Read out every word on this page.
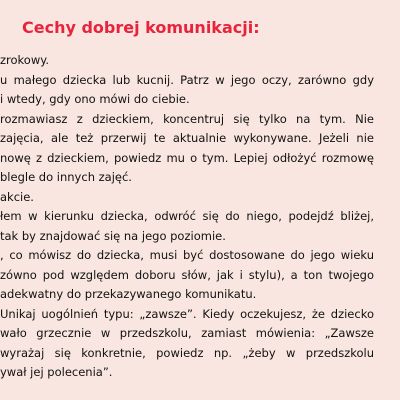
Cechy dobrej komunikacji:
zrokowy.
u małego dziecka lub kucnij. Patrz w jego oczy, zarówno gdy
i wtedy, gdy ono mówi do ciebie.
rozmawiasz z dzieckiem, koncentruj się tylko na tym. Nie
zajęcia, ale też przerwij te aktualnie wykonywane. Jeżeli nie
nowę z dzieckiem, powiedz mu o tym. Lepiej odłożyć rozmowę
blegle do innych zajęć.
akcie.
łem w kierunku dziecka, odwróć się do niego, podejdź bliżej,
tak by znajdować się na jego poziomie.
, co mówisz do dziecka, musi być dostosowane do jego wieku
zówno pod względem doboru słów, jak i stylu), a ton twojego
adekwatny do przekazywanego komunikatu.
Unikaj uogólnień typu: „zawsze”. Kiedy oczekujesz, że dziecko
wało grzecznie w przedszkolu, zamiast mówienia: „Zawsze
wyrażaj się konkretnie, powiedz np. „żeby w przedszkolu
ywał jej polecenia”.
